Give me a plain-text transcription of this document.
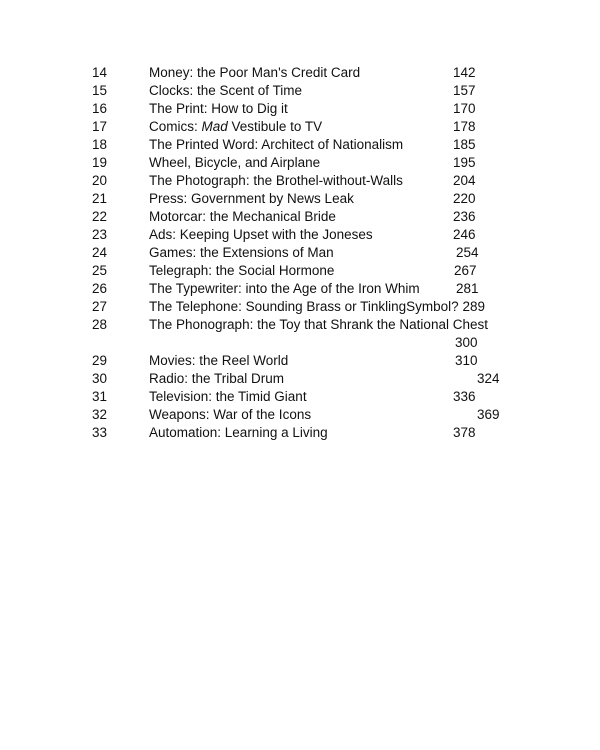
14	Money: the Poor Man's Credit Card	142
15	Clocks: the Scent of Time	157
16	The Print: How to Dig it	170
17	Comics: Mad Vestibule to TV	178
18	The Printed Word: Architect of Nationalism	185
19	Wheel, Bicycle, and Airplane	195
20	The Photograph: the Brothel-without-Walls	204
21	Press: Government by News Leak	220
22	Motorcar: the Mechanical Bride	236
23	Ads: Keeping Upset with the Joneses	246
24	Games: the Extensions of Man	254
25	Telegraph: the Social Hormone	267
26	The Typewriter: into the Age of the Iron Whim	281
27	The Telephone: Sounding Brass or TinklingSymbol? 289
28	The Phonograph: the Toy that Shrank the National Chest
300
29	Movies: the Reel World	310
30	Radio: the Tribal Drum	324
31	Television: the Timid Giant	336
32	Weapons: War of the Icons	369
33	Automation: Learning a Living	378
